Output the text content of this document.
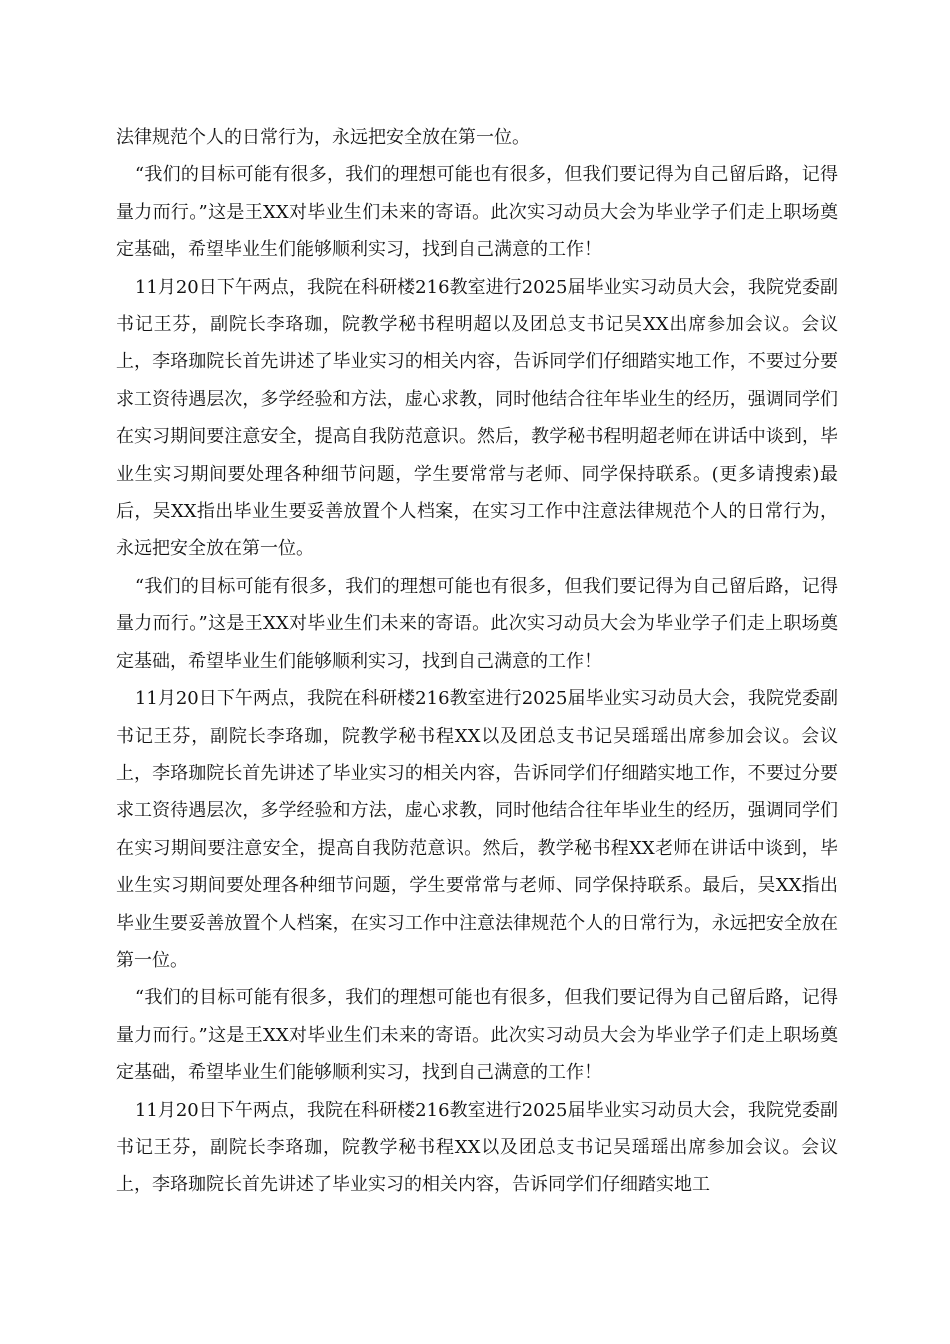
法律规范个人的日常行为，永远把安全放在第一位。

“我们的目标可能有很多，我们的理想可能也有很多，但我们要记得为自己留后路，记得量力而行。”这是王XX对毕业生们未来的寄语。此次实习动员大会为毕业学子们走上职场奠定基础，希望毕业生们能够顺利实习，找到自己满意的工作！

11月20日下午两点，我院在科研楼216教室进行2025届毕业实习动员大会，我院党委副书记王芬，副院长李珞珈，院教学秘书程明超以及团总支书记吴XX出席参加会议。会议上，李珞珈院长首先讲述了毕业实习的相关内容，告诉同学们仔细踏实地工作，不要过分要求工资待遇层次，多学经验和方法，虚心求教，同时他结合往年毕业生的经历，强调同学们在实习期间要注意安全，提高自我防范意识。然后，教学秘书程明超老师在讲话中谈到，毕业生实习期间要处理各种细节问题，学生要常常与老师、同学保持联系。(更多请搜索)最后，吴XX指出毕业生要妥善放置个人档案，在实习工作中注意法律规范个人的日常行为，永远把安全放在第一位。

“我们的目标可能有很多，我们的理想可能也有很多，但我们要记得为自己留后路，记得量力而行。”这是王XX对毕业生们未来的寄语。此次实习动员大会为毕业学子们走上职场奠定基础，希望毕业生们能够顺利实习，找到自己满意的工作！

11月20日下午两点，我院在科研楼216教室进行2025届毕业实习动员大会，我院党委副书记王芬，副院长李珞珈，院教学秘书程XX以及团总支书记吴瑶瑶出席参加会议。会议上，李珞珈院长首先讲述了毕业实习的相关内容，告诉同学们仔细踏实地工作，不要过分要求工资待遇层次，多学经验和方法，虚心求教，同时他结合往年毕业生的经历，强调同学们在实习期间要注意安全，提高自我防范意识。然后，教学秘书程XX老师在讲话中谈到，毕业生实习期间要处理各种细节问题，学生要常常与老师、同学保持联系。最后，吴XX指出毕业生要妥善放置个人档案，在实习工作中注意法律规范个人的日常行为，永远把安全放在第一位。

“我们的目标可能有很多，我们的理想可能也有很多，但我们要记得为自己留后路，记得量力而行。”这是王XX对毕业生们未来的寄语。此次实习动员大会为毕业学子们走上职场奠定基础，希望毕业生们能够顺利实习，找到自己满意的工作！

11月20日下午两点，我院在科研楼216教室进行2025届毕业实习动员大会，我院党委副书记王芬，副院长李珞珈，院教学秘书程XX以及团总支书记吴瑶瑶出席参加会议。会议上，李珞珈院长首先讲述了毕业实习的相关内容，告诉同学们仔细踏实地工
